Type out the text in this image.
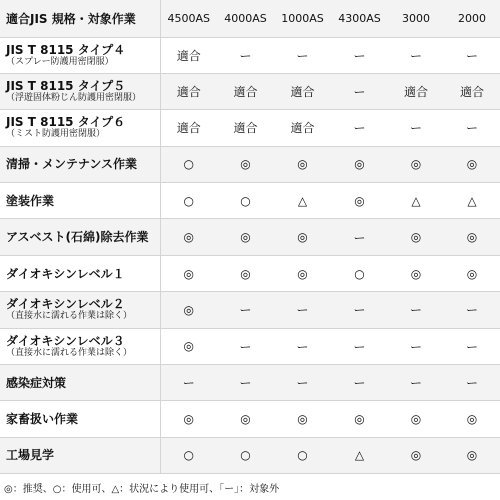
適合JIS 規格・対象作業	4500AS	4000AS	1000AS	4300AS	3000	2000

JIS T 8115 タイプ４
（スプレー防護用密閉服）	適合	ー	ー	ー	ー	ー

JIS T 8115 タイプ５
（浮遊固体粉じん防護用密閉服）	適合	適合	適合	ー	適合	適合

JIS T 8115 タイプ６
（ミスト防護用密閉服）	適合	適合	適合	ー	ー	ー

清掃・メンテナンス作業	○	◎	◎	◎	◎	◎

塗装作業	○	○	△	◎	△	△

アスベスト(石綿)除去作業	◎	◎	◎	ー	◎	◎

ダイオキシンレベル１	◎	◎	◎	○	◎	◎

ダイオキシンレベル２
（直接水に濡れる作業は除く）	◎	ー	ー	ー	ー	ー

ダイオキシンレベル３
（直接水に濡れる作業は除く）	◎	ー	ー	ー	ー	ー

感染症対策	ー	ー	ー	ー	ー	ー

家畜扱い作業	◎	◎	◎	◎	◎	◎

工場見学	○	○	○	△	◎	◎
◎：推奨、○：使用可、△：状況により使用可、「ー」：対象外
